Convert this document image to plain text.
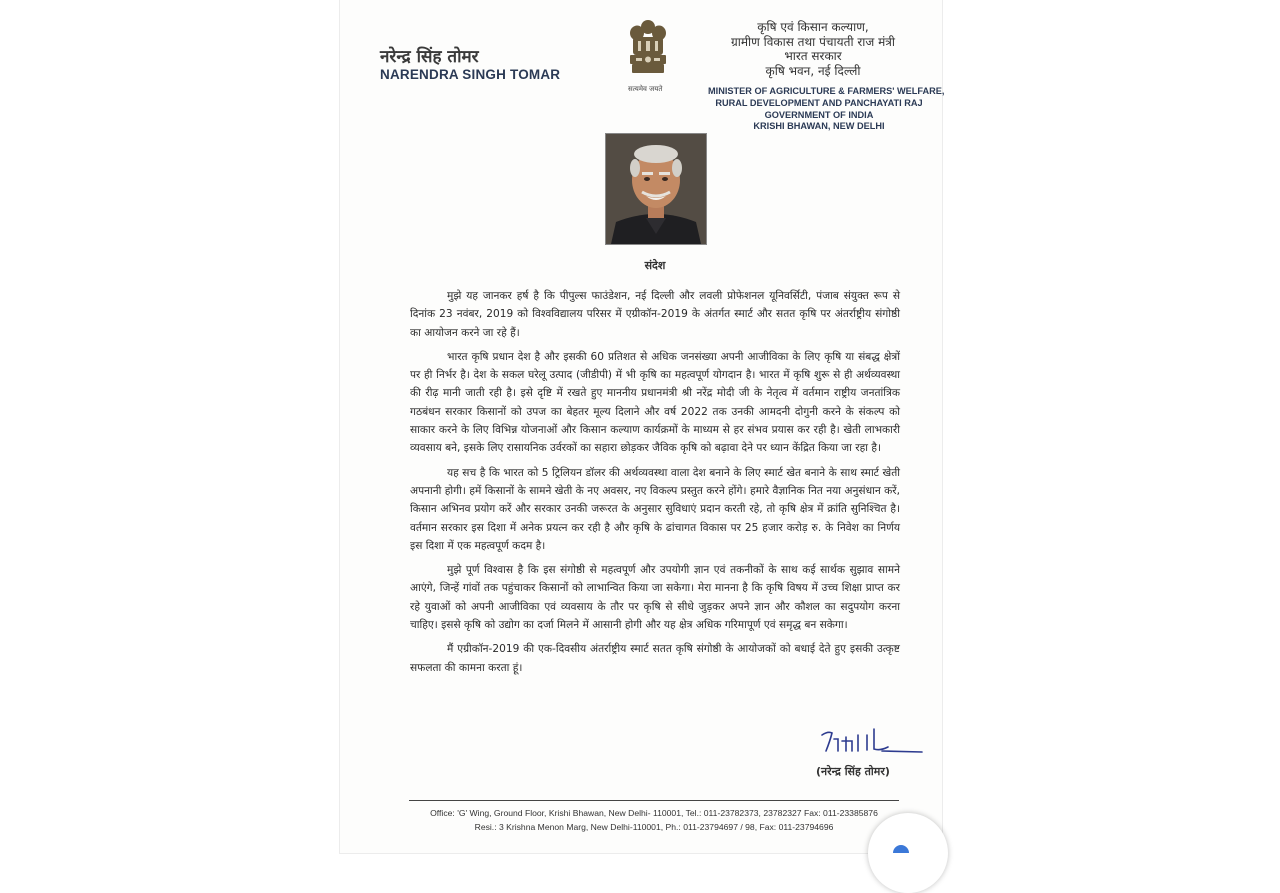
नरेन्द्र सिंह तोमर
NARENDRA SINGH TOMAR
सत्यमेव जयते
कृषि एवं किसान कल्याण,
ग्रामीण विकास तथा पंचायती राज मंत्री
भारत सरकार
कृषि भवन, नई दिल्ली
MINISTER OF AGRICULTURE & FARMERS' WELFARE,
RURAL DEVELOPMENT AND PANCHAYATI RAJ
GOVERNMENT OF INDIA
KRISHI BHAWAN, NEW DELHI
संदेश

मुझे यह जानकर हर्ष है कि पीपुल्स फाउंडेशन, नई दिल्ली और लवली प्रोफेशनल यूनिवर्सिटी, पंजाब संयुक्त रूप से दिनांक 23 नवंबर, 2019 को विश्वविद्यालय परिसर में एग्रीकॉन-2019 के अंतर्गत स्मार्ट और सतत कृषि पर अंतर्राष्ट्रीय संगोष्ठी का आयोजन करने जा रहे हैं।

भारत कृषि प्रधान देश है और इसकी 60 प्रतिशत से अधिक जनसंख्या अपनी आजीविका के लिए कृषि या संबद्ध क्षेत्रों पर ही निर्भर है। देश के सकल घरेलू उत्पाद (जीडीपी) में भी कृषि का महत्वपूर्ण योगदान है। भारत में कृषि शुरू से ही अर्थव्यवस्था की रीढ़ मानी जाती रही है। इसे दृष्टि में रखते हुए माननीय प्रधानमंत्री श्री नरेंद्र मोदी जी के नेतृत्व में वर्तमान राष्ट्रीय जनतांत्रिक गठबंधन सरकार किसानों को उपज का बेहतर मूल्य दिलाने और वर्ष 2022 तक उनकी आमदनी दोगुनी करने के संकल्प को साकार करने के लिए विभिन्न योजनाओं और किसान कल्याण कार्यक्रमों के माध्यम से हर संभव प्रयास कर रही है। खेती लाभकारी व्यवसाय बने, इसके लिए रासायनिक उर्वरकों का सहारा छोड़कर जैविक कृषि को बढ़ावा देने पर ध्यान केंद्रित किया जा रहा है।

यह सच है कि भारत को 5 ट्रिलियन डॉलर की अर्थव्यवस्था वाला देश बनाने के लिए स्मार्ट खेत बनाने के साथ स्मार्ट खेती अपनानी होगी। हमें किसानों के सामने खेती के नए अवसर, नए विकल्प प्रस्तुत करने होंगे। हमारे वैज्ञानिक नित नया अनुसंधान करें, किसान अभिनव प्रयोग करें और सरकार उनकी जरूरत के अनुसार सुविधाएं प्रदान करती रहे, तो कृषि क्षेत्र में क्रांति सुनिश्चित है। वर्तमान सरकार इस दिशा में अनेक प्रयत्न कर रही है और कृषि के ढांचागत विकास पर 25 हजार करोड़ रु. के निवेश का निर्णय इस दिशा में एक महत्वपूर्ण कदम है।

मुझे पूर्ण विश्वास है कि इस संगोष्ठी से महत्वपूर्ण और उपयोगी ज्ञान एवं तकनीकों के साथ कई सार्थक सुझाव सामने आएंगे, जिन्हें गांवों तक पहुंचाकर किसानों को लाभान्वित किया जा सकेगा। मेरा मानना है कि कृषि विषय में उच्च शिक्षा प्राप्त कर रहे युवाओं को अपनी आजीविका एवं व्यवसाय के तौर पर कृषि से सीधे जुड़कर अपने ज्ञान और कौशल का सदुपयोग करना चाहिए। इससे कृषि को उद्योग का दर्जा मिलने में आसानी होगी और यह क्षेत्र अधिक गरिमापूर्ण एवं समृद्ध बन सकेगा।

मैं एग्रीकॉन-2019 की एक-दिवसीय अंतर्राष्ट्रीय स्मार्ट सतत कृषि संगोष्ठी के आयोजकों को बधाई देते हुए इसकी उत्कृष्ट सफलता की कामना करता हूं।

(नरेन्द्र सिंह तोमर)
Office: 'G' Wing, Ground Floor, Krishi Bhawan, New Delhi- 110001, Tel.: 011-23782373, 23782327 Fax: 011-23385876
Resi.: 3 Krishna Menon Marg, New Delhi-110001, Ph.: 011-23794697 / 98, Fax: 011-23794696
